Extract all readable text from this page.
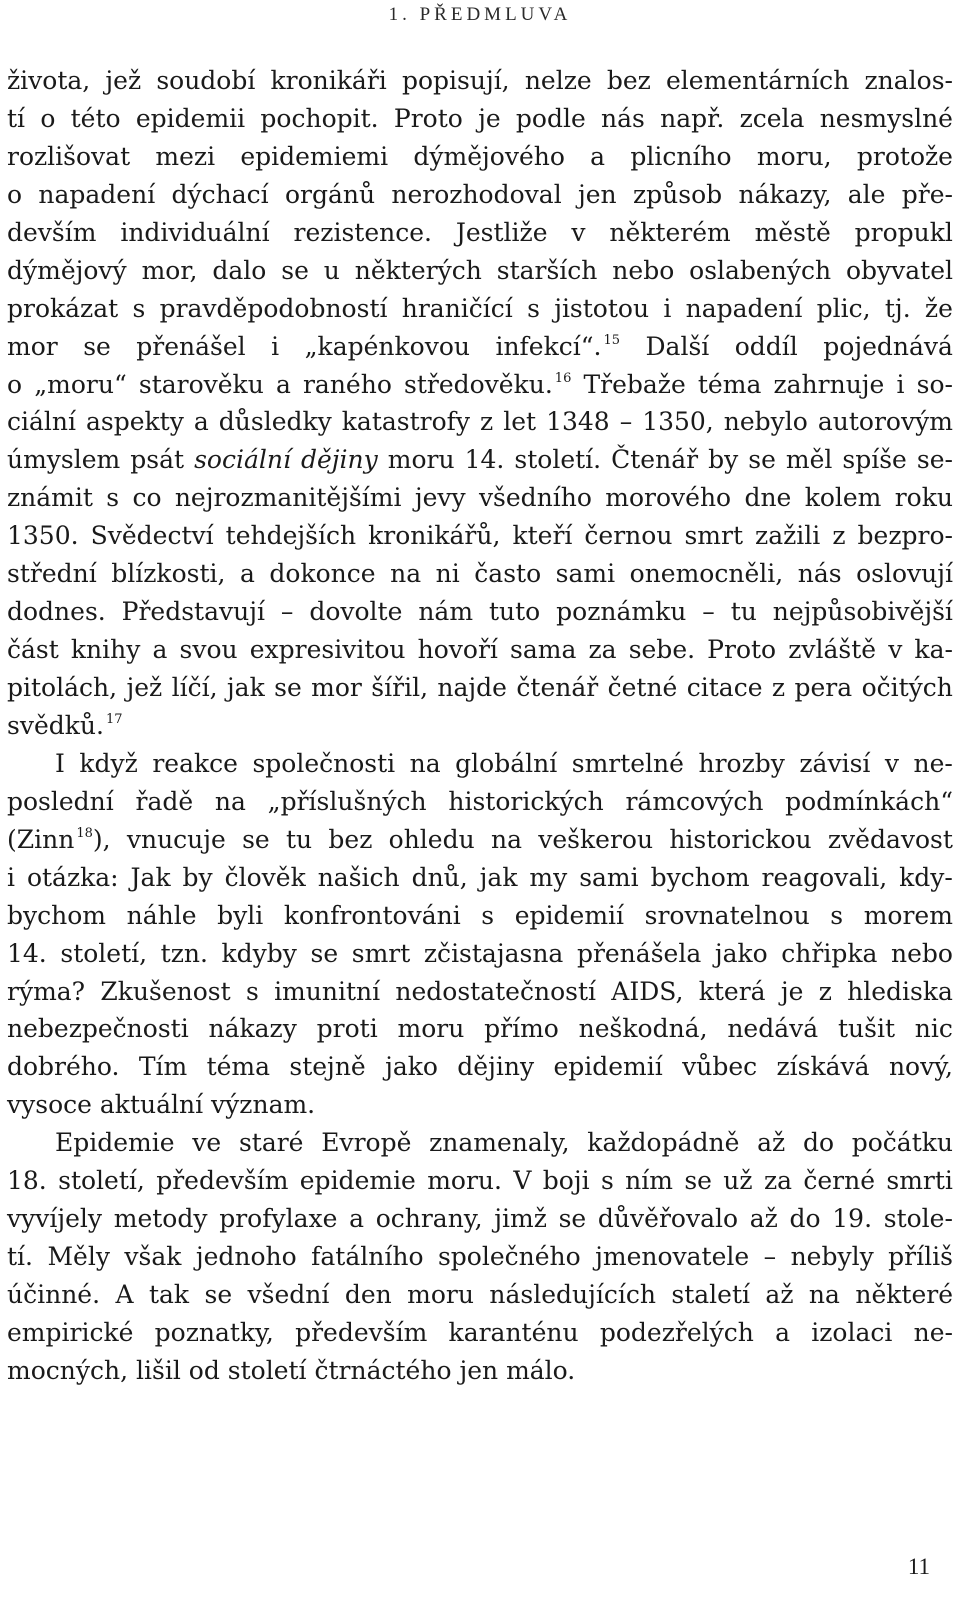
1. PŘEDMLUVA
života, jež soudobí kronikáři popisují, nelze bez elementárních znalos-
tí o této epidemii pochopit. Proto je podle nás např. zcela nesmyslné
rozlišovat mezi epidemiemi dýmějového a plicního moru, protože
o napadení dýchací orgánů nerozhodoval jen způsob nákazy, ale pře-
devším individuální rezistence. Jestliže v některém městě propukl
dýmějový mor, dalo se u některých starších nebo oslabených obyvatel
prokázat s pravděpodobností hraničící s jistotou i napadení plic, tj. že
mor se přenášel i „kapénkovou infekcí“. $^{15}$ Další oddíl pojednává
o „moru“ starověku a raného středověku. $^{16}$ Třebaže téma zahrnuje i so-
ciální aspekty a důsledky katastrofy z let 1348 – 1350, nebylo autorovým
úmyslem psát sociální dějiny moru 14. století. Čtenář by se měl spíše se-
známit s co nejrozmanitějšími jevy všedního morového dne kolem roku
1350. Svědectví tehdejších kronikářů, kteří černou smrt zažili z bezpro-
střední blízkosti, a dokonce na ni často sami onemocněli, nás oslovují
dodnes. Představují – dovolte nám tuto poznámku – tu nejpůsobivější
část knihy a svou expresivitou hovoří sama za sebe. Proto zvláště v ka-
pitolách, jež líčí, jak se mor šířil, najde čtenář četné citace z pera očitých
svědků. $^{17}$
I když reakce společnosti na globální smrtelné hrozby závisí v ne-
poslední řadě na „příslušných historických rámcových podmínkách“
(Zinn $^{18}$), vnucuje se tu bez ohledu na veškerou historickou zvědavost
i otázka: Jak by člověk našich dnů, jak my sami bychom reagovali, kdy-
bychom náhle byli konfrontováni s epidemií srovnatelnou s morem
14. století, tzn. kdyby se smrt zčistajasna přenášela jako chřipka nebo
rýma? Zkušenost s imunitní nedostatečností AIDS, která je z hlediska
nebezpečnosti nákazy proti moru přímo neškodná, nedává tušit nic
dobrého. Tím téma stejně jako dějiny epidemií vůbec získává nový,
vysoce
aktuální
význam.
Epidemie ve staré Evropě znamenaly, každopádně až do počátku
18. století, především epidemie moru. V boji s ním se už za černé smrti
vyvíjely metody profylaxe a ochrany, jimž se důvěřovalo až do 19. stole-
tí. Měly však jednoho fatálního společného jmenovatele – nebyly příliš
účinné. A tak se všední den moru následujících staletí až na některé
empirické poznatky, především karanténu podezřelých a izolaci ne-
mocných,
lišil
od
století
čtrnáctého
jen
málo.
11
